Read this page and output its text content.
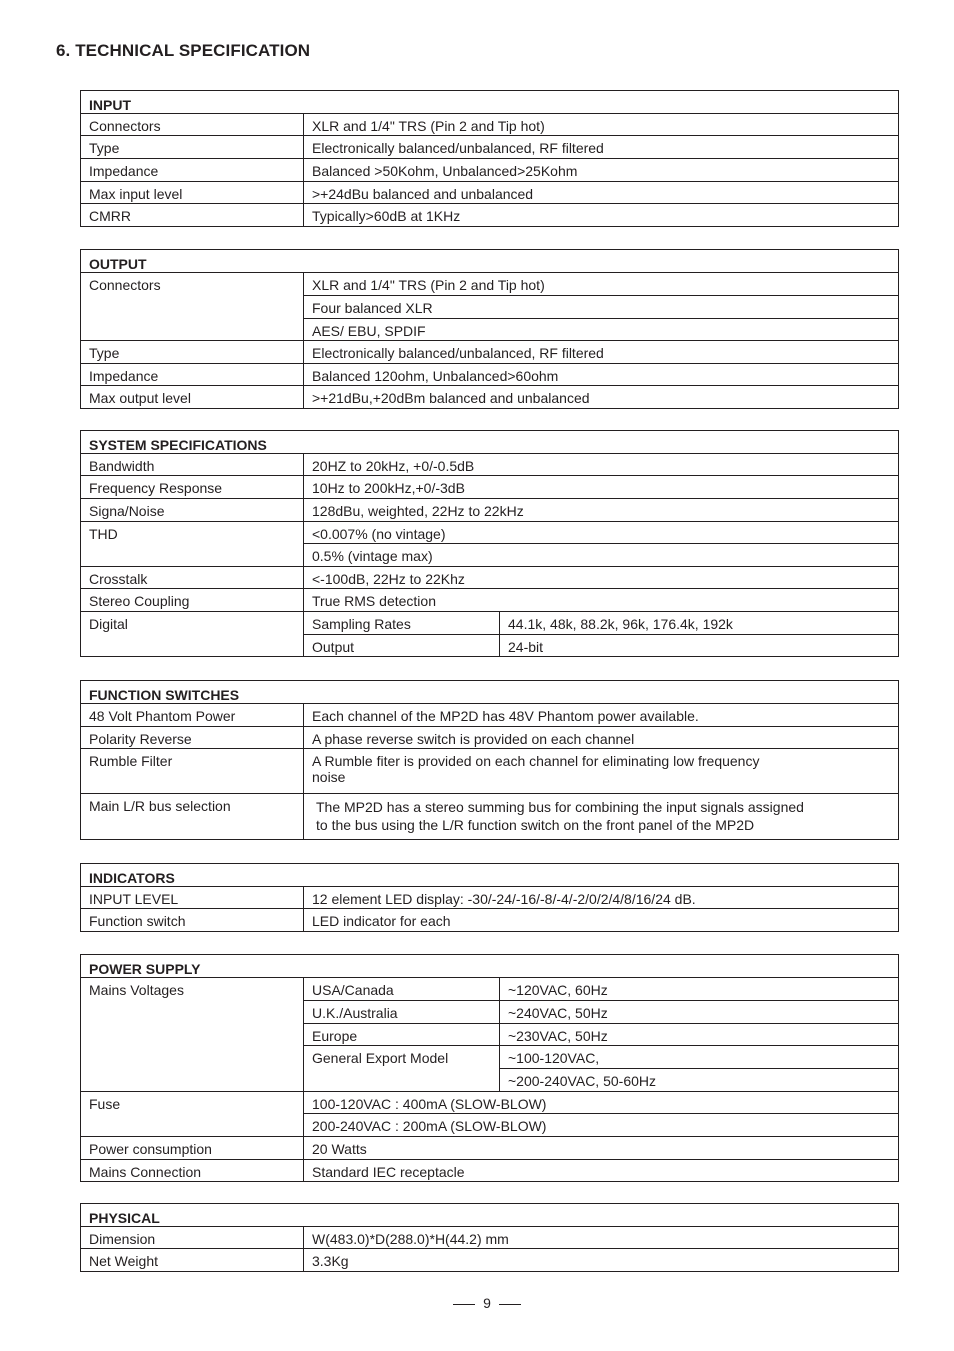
6. TECHNICAL SPECIFICATION
INPUT	
Connectors	XLR and 1/4" TRS (Pin 2 and Tip hot)
Type	Electronically balanced/unbalanced, RF filtered
Impedance	Balanced >50Kohm, Unbalanced>25Kohm
Max input level	>+24dBu balanced and unbalanced
CMRR	Typically>60dB at 1KHz
OUTPUT	
Connectors	XLR and 1/4" TRS (Pin 2 and Tip hot)
	Four balanced XLR
	AES/ EBU, SPDIF
Type	Electronically balanced/unbalanced, RF filtered
Impedance	Balanced 120ohm, Unbalanced>60ohm
Max output level	>+21dBu,+20dBm balanced and unbalanced
SYSTEM SPECIFICATIONS		
Bandwidth	20HZ to 20kHz, +0/-0.5dB	
Frequency Response	10Hz to 200kHz,+0/-3dB	
Signa/Noise	128dBu, weighted, 22Hz to 22kHz	
THD	<0.007% (no vintage)	
	0.5% (vintage max)	
Crosstalk	<-100dB, 22Hz to 22Khz	
Stereo Coupling	True RMS detection	
Digital	Sampling Rates	44.1k, 48k, 88.2k, 96k, 176.4k, 192k
	Output	24-bit
FUNCTION SWITCHES	
48 Volt Phantom Power	Each channel of the MP2D has 48V Phantom power available.
Polarity Reverse	A phase reverse switch is provided on each channel
Rumble Filter	A Rumble fiter is provided on each channel for eliminating low frequency noise
Main L/R bus selection	The MP2D has a stereo summing bus for combining the input signals assigned to the bus using the L/R function switch on the front panel of the MP2D
INDICATORS	
INPUT LEVEL	12 element LED display: -30/-24/-16/-8/-4/-2/0/2/4/8/16/24 dB.
Function switch	LED indicator for each
POWER SUPPLY		
Mains Voltages	USA/Canada	~120VAC, 60Hz
	U.K./Australia	~240VAC, 50Hz
	Europe	~230VAC, 50Hz
	General Export Model	~100-120VAC,
		~200-240VAC, 50-60Hz
Fuse	100-120VAC : 400mA (SLOW-BLOW)	
	200-240VAC : 200mA (SLOW-BLOW)	
Power consumption	20 Watts	
Mains Connection	Standard IEC receptacle	
PHYSICAL	
Dimension	W(483.0)*D(288.0)*H(44.2) mm
Net Weight	3.3Kg
9
